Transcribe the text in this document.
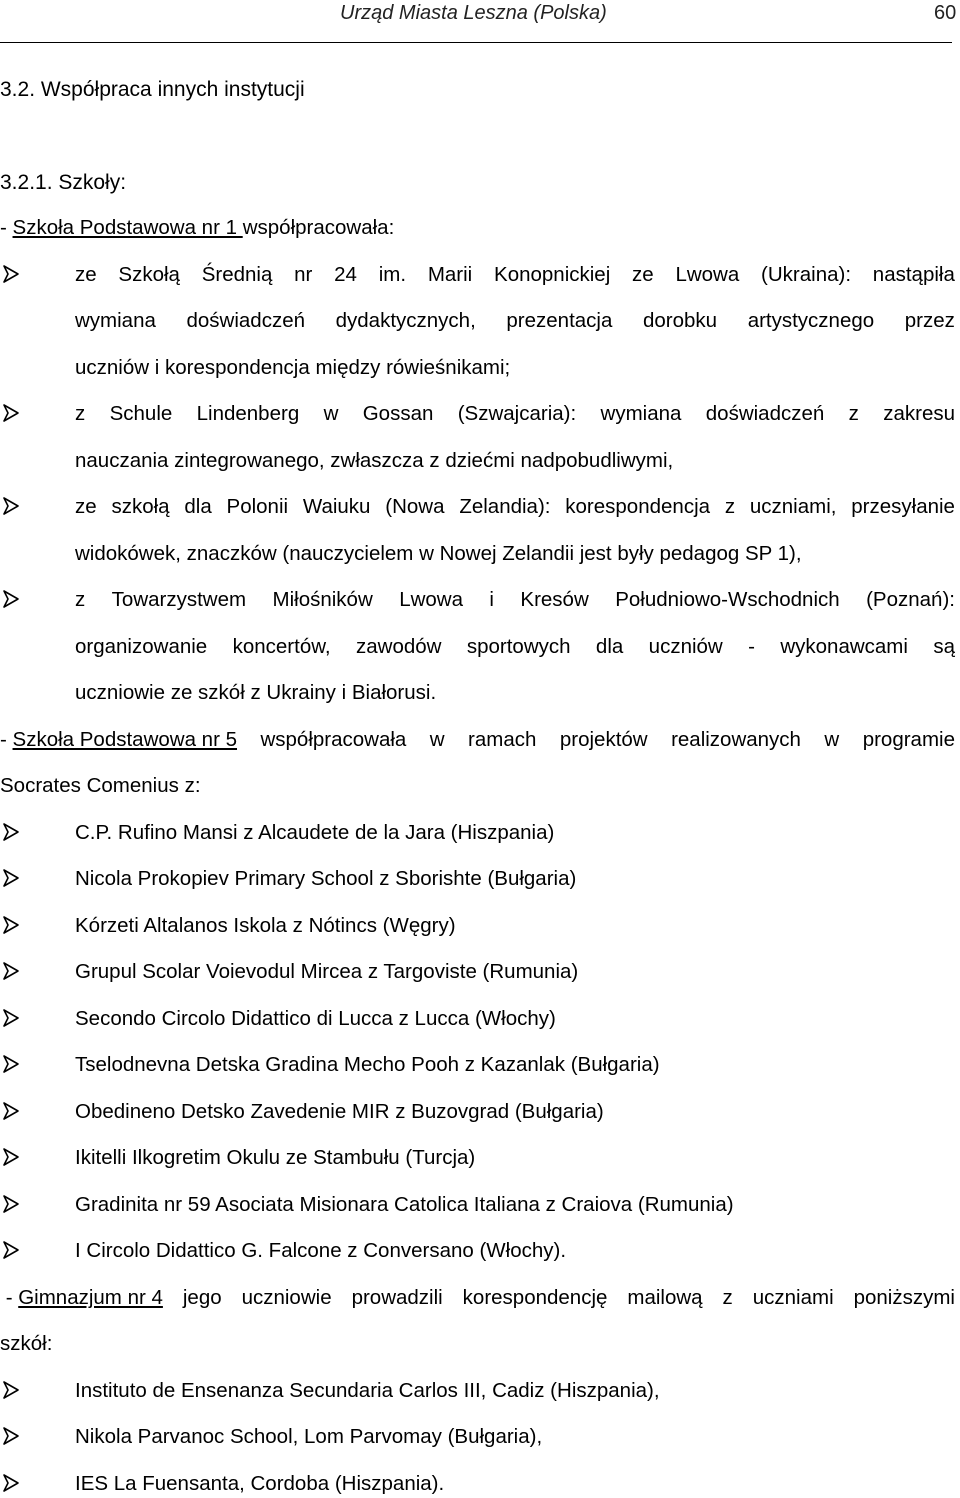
Urząd Miasta Leszna (Polska)	60
3.2. Współpraca innych instytucji
3.2.1. Szkoły:
- Szkoła Podstawowa nr 1 współpracowała:
ze Szkołą Średnią nr 24 im. Marii Konopnickiej ze Lwowa (Ukraina): nastąpiła
wymiana doświadczeń dydaktycznych, prezentacja dorobku artystycznego przez
uczniów i korespondencja między rówieśnikami;
z Schule Lindenberg w Gossan (Szwajcaria): wymiana doświadczeń z zakresu
nauczania zintegrowanego, zwłaszcza z dziećmi nadpobudliwymi,
ze szkołą dla Polonii Waiuku (Nowa Zelandia): korespondencja z uczniami, przesyłanie
widokówek, znaczków (nauczycielem w Nowej Zelandii jest były pedagog SP 1),
z Towarzystwem Miłośników Lwowa i Kresów Południowo-Wschodnich (Poznań):
organizowanie koncertów, zawodów sportowych dla uczniów - wykonawcami są
uczniowie ze szkół z Ukrainy i Białorusi.
- Szkoła Podstawowa nr 5 współpracowała w ramach projektów realizowanych w programie
Socrates Comenius z:
C.P. Rufino Mansi z Alcaudete de la Jara (Hiszpania)
Nicola Prokopiev Primary School z Sborishte (Bułgaria)
Kórzeti Altalanos Iskola z Nótincs (Węgry)
Grupul Scolar Voievodul Mircea z Targoviste (Rumunia)
Secondo Circolo Didattico di Lucca z Lucca (Włochy)
Tselodnevna Detska Gradina Mecho Pooh z Kazanlak (Bułgaria)
Obedineno Detsko Zavedenie MIR z Buzovgrad (Bułgaria)
Ikitelli Ilkogretim Okulu ze Stambułu (Turcja)
Gradinita nr 59 Asociata Misionara Catolica Italiana z Craiova (Rumunia)
I Circolo Didattico G. Falcone z Conversano (Włochy).
- Gimnazjum nr 4 jego uczniowie prowadzili korespondencję mailową z uczniami poniższymi
szkół:
Instituto de Ensenanza Secundaria Carlos III, Cadiz (Hiszpania),
Nikola Parvanoc School, Lom Parvomay (Bułgaria),
IES La Fuensanta, Cordoba (Hiszpania).
